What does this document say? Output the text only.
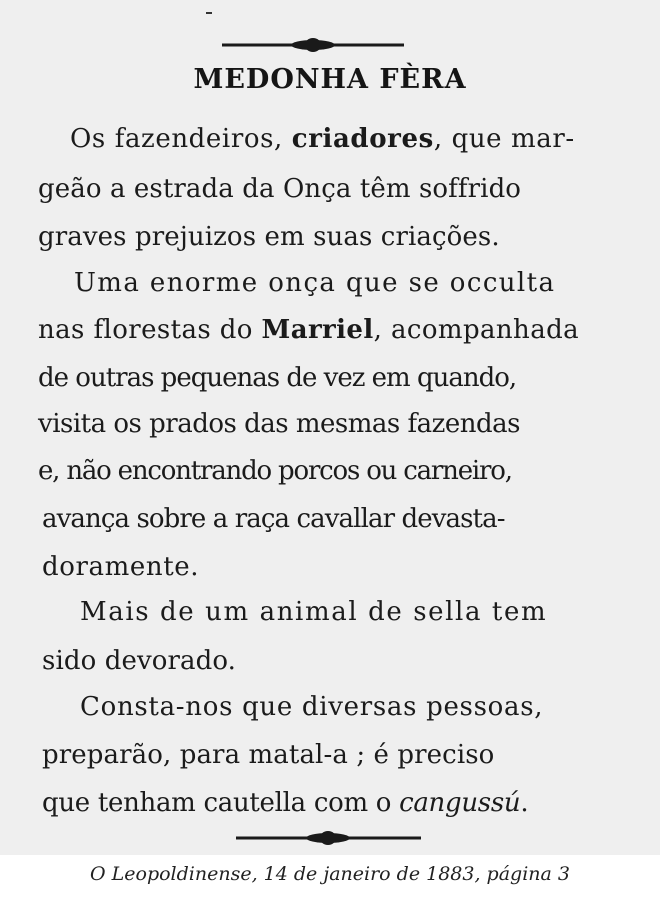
MEDONHA FÈRA

Os fazendeiros, criadores, que mar-

geão a estrada da Onça têm soffrido

graves prejuizos em suas criações.

Uma enorme onça que se occulta

nas florestas do Marriel, acompanhada

de outras pequenas de vez em quando,

visita os prados das mesmas fazendas

e, não encontrando porcos ou carneiro,

avança sobre a raça cavallar devasta-

doramente.

Mais de um animal de sella tem

sido devorado.

Consta-nos que diversas pessoas,

preparão, para matal-a ; é preciso

que tenham cautella com o cangussú.

O Leopoldinense, 14 de janeiro de 1883, página 3
